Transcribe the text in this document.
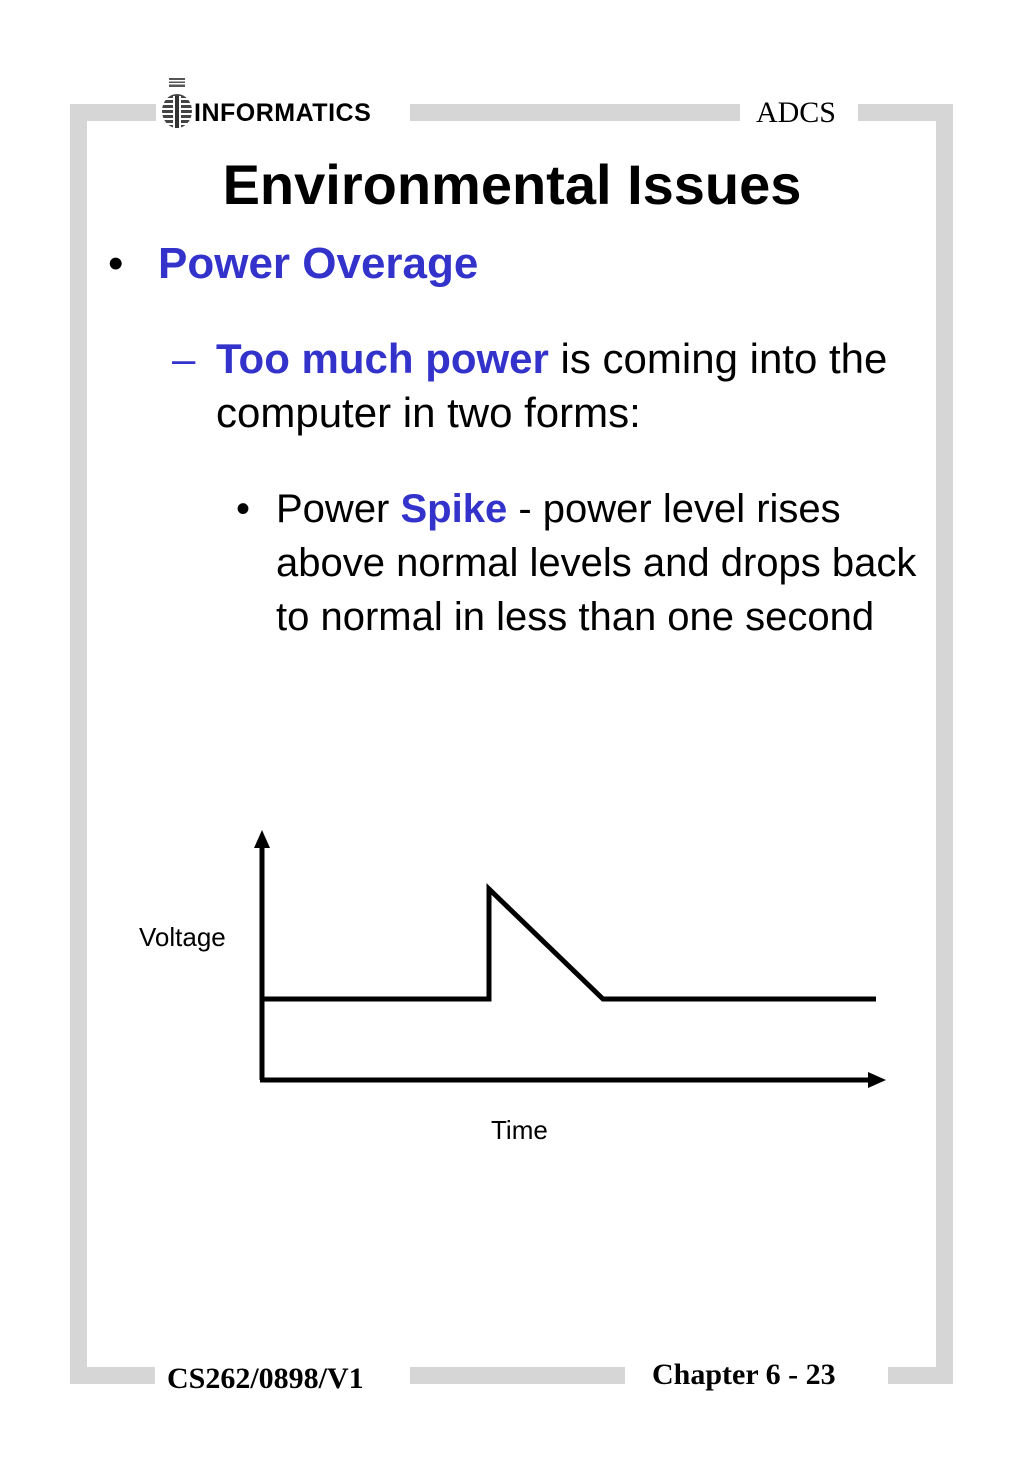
INFORMATICS	ADCS
Environmental Issues
• Power Overage
– Too much power is coming into the computer in two forms:
• Power Spike - power level rises above normal levels and drops back to normal in less than one second
Voltage
Time
CS262/0898/V1	Chapter 6 - 23
